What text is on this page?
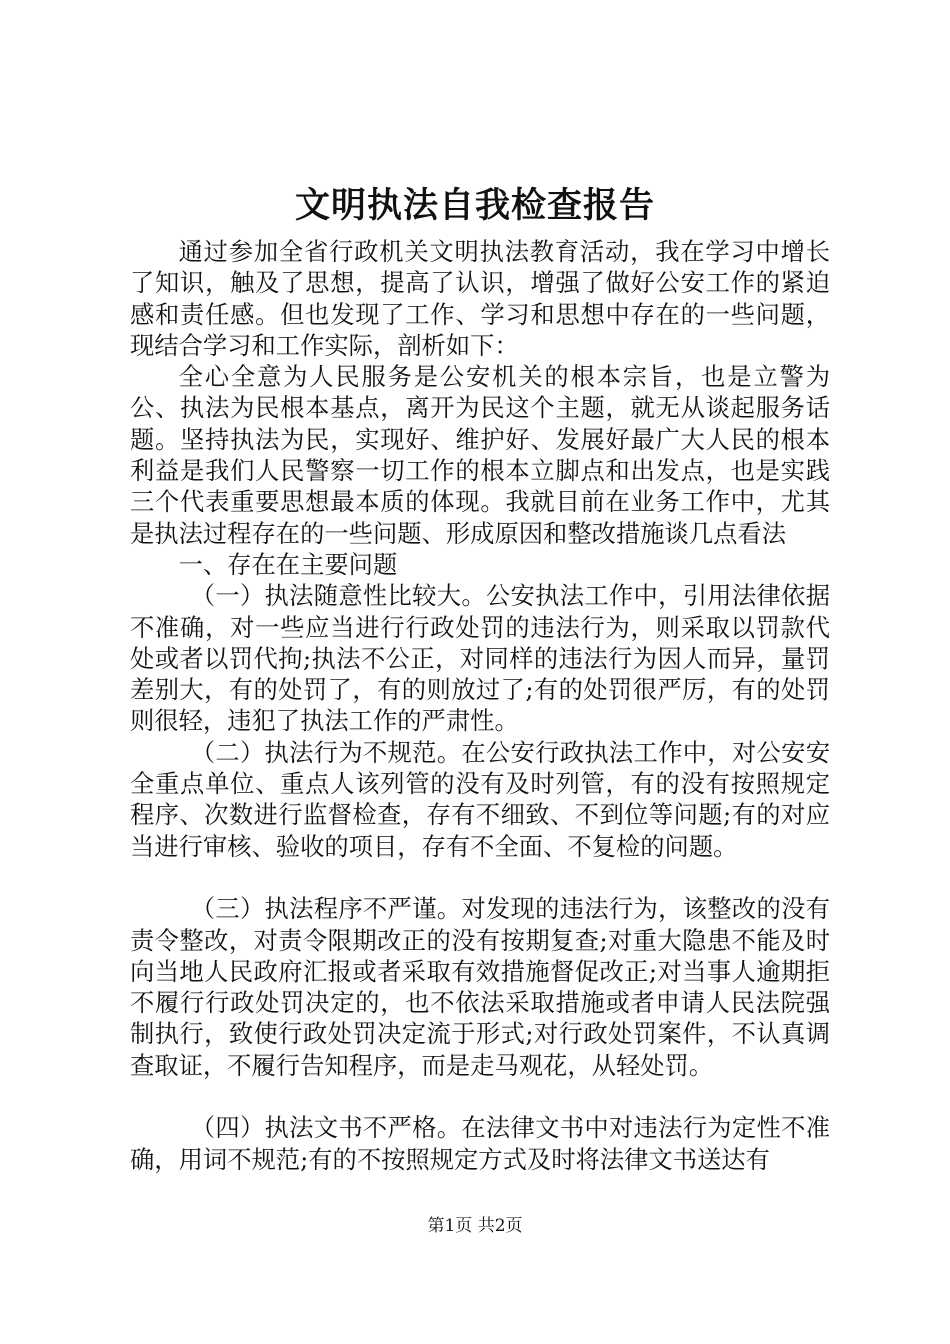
文明执法自我检查报告

通过参加全省行政机关文明执法教育活动，我在学习中增长了知识，触及了思想，提高了认识，增强了做好公安工作的紧迫感和责任感。但也发现了工作、学习和思想中存在的一些问题，现结合学习和工作实际，剖析如下：

全心全意为人民服务是公安机关的根本宗旨，也是立警为公、执法为民根本基点，离开为民这个主题，就无从谈起服务话题。坚持执法为民，实现好、维护好、发展好最广大人民的根本利益是我们人民警察一切工作的根本立脚点和出发点，也是实践三个代表重要思想最本质的体现。我就目前在业务工作中，尤其是执法过程存在的一些问题、形成原因和整改措施谈几点看法

一、存在在主要问题

（一）执法随意性比较大。公安执法工作中，引用法律依据不准确，对一些应当进行行政处罚的违法行为，则采取以罚款代处或者以罚代拘;执法不公正，对同样的违法行为因人而异，量罚差别大，有的处罚了，有的则放过了;有的处罚很严厉，有的处罚则很轻，违犯了执法工作的严肃性。

（二）执法行为不规范。在公安行政执法工作中，对公安安全重点单位、重点人该列管的没有及时列管，有的没有按照规定程序、次数进行监督检查，存有不细致、不到位等问题;有的对应当进行审核、验收的项目，存有不全面、不复检的问题。

（三）执法程序不严谨。对发现的违法行为，该整改的没有责令整改，对责令限期改正的没有按期复查;对重大隐患不能及时向当地人民政府汇报或者采取有效措施督促改正;对当事人逾期拒不履行行政处罚决定的，也不依法采取措施或者申请人民法院强制执行，致使行政处罚决定流于形式;对行政处罚案件，不认真调查取证，不履行告知程序，而是走马观花，从轻处罚。

（四）执法文书不严格。在法律文书中对违法行为定性不准确，用词不规范;有的不按照规定方式及时将法律文书送达有

第1页 共2页
